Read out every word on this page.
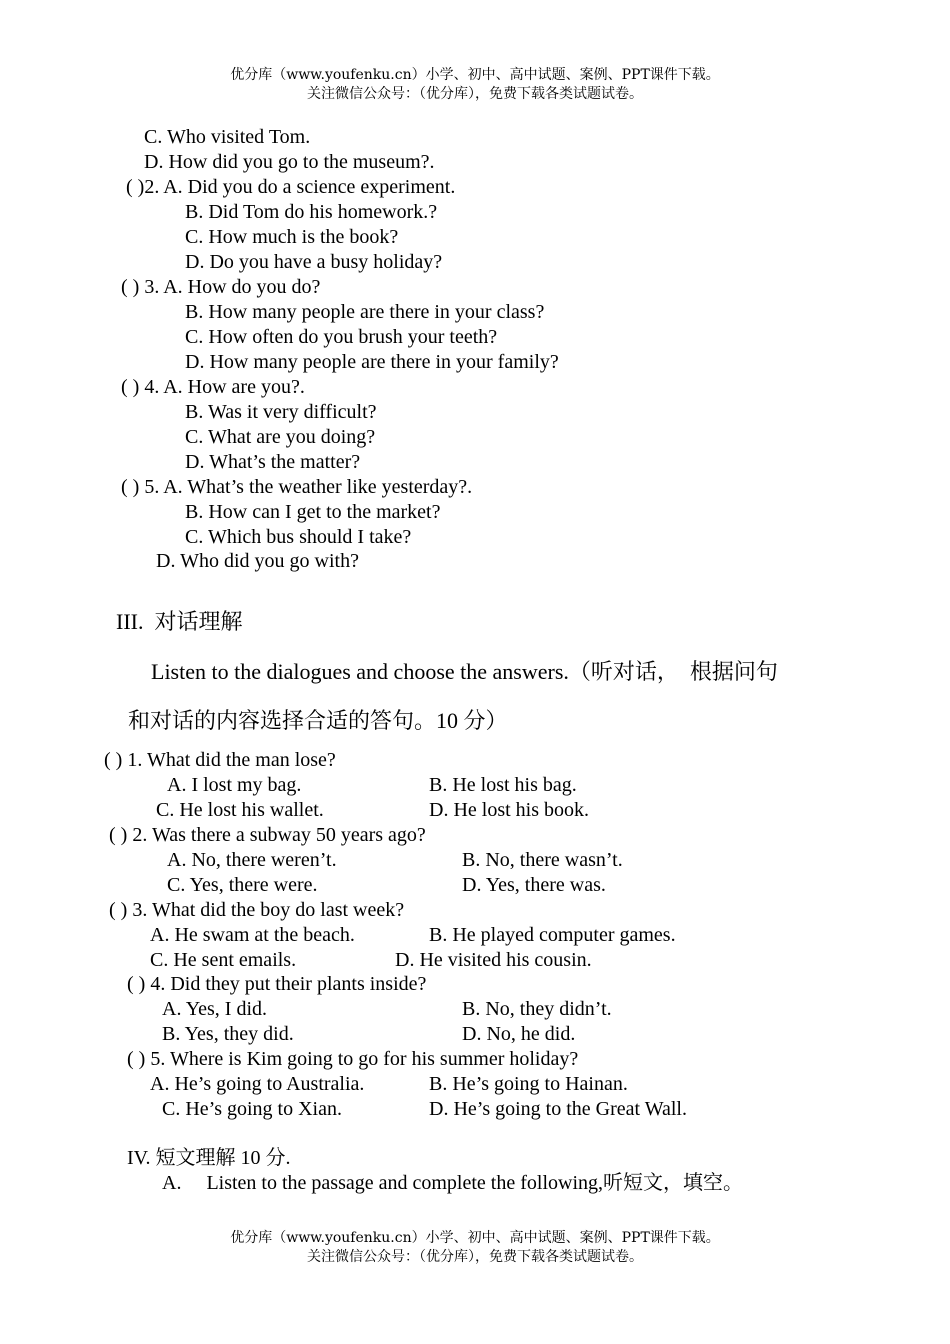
优分库（www.youfenku.cn）小学、初中、高中试题、案例、PPT课件下载。
关注微信公众号：（优分库），免费下载各类试题试卷。
C. Who visited Tom.
D. How did you go to the museum?.
( )2. A. Did you do a science experiment.
B. Did Tom do his homework.?
C. How much is the book?
D. Do you have a busy holiday?
( ) 3. A. How do you do?
B. How many people are there in your class?
C. How often do you brush your teeth?
D. How many people are there in your family?
( ) 4. A. How are you?.
B. Was it very difficult?
C. What are you doing?
D. What’s the matter?
( ) 5. A. What’s the weather like yesterday?.
B. How can I get to the market?
C. Which bus should I take?
D. Who did you go with?
III.  对话理解
Listen to the dialogues and choose the answers.（听对话，  根据问句
和对话的内容选择合适的答句。10 分）
( ) 1. What did the man lose?
A. I lost my bag.	B. He lost his bag.
C. He lost his wallet.	D. He lost his book.
( ) 2. Was there a subway 50 years ago?
A. No, there weren’t.	B. No, there wasn’t.
C. Yes, there were.	D. Yes, there was.
( ) 3. What did the boy do last week?
A. He swam at the beach.	B. He played computer games.
C. He sent emails.	D. He visited his cousin.
( ) 4. Did they put their plants inside?
A. Yes, I did.	B. No, they didn’t.
B. Yes, they did.	D. No, he did.
( ) 5. Where is Kim going to go for his summer holiday?
A. He’s going to Australia.	B. He’s going to Hainan.
C. He’s going to Xian.	D. He’s going to the Great Wall.
IV. 短文理解 10 分.
A.     Listen to the passage and complete the following,听短文，填空。
优分库（www.youfenku.cn）小学、初中、高中试题、案例、PPT课件下载。
关注微信公众号：（优分库），免费下载各类试题试卷。
